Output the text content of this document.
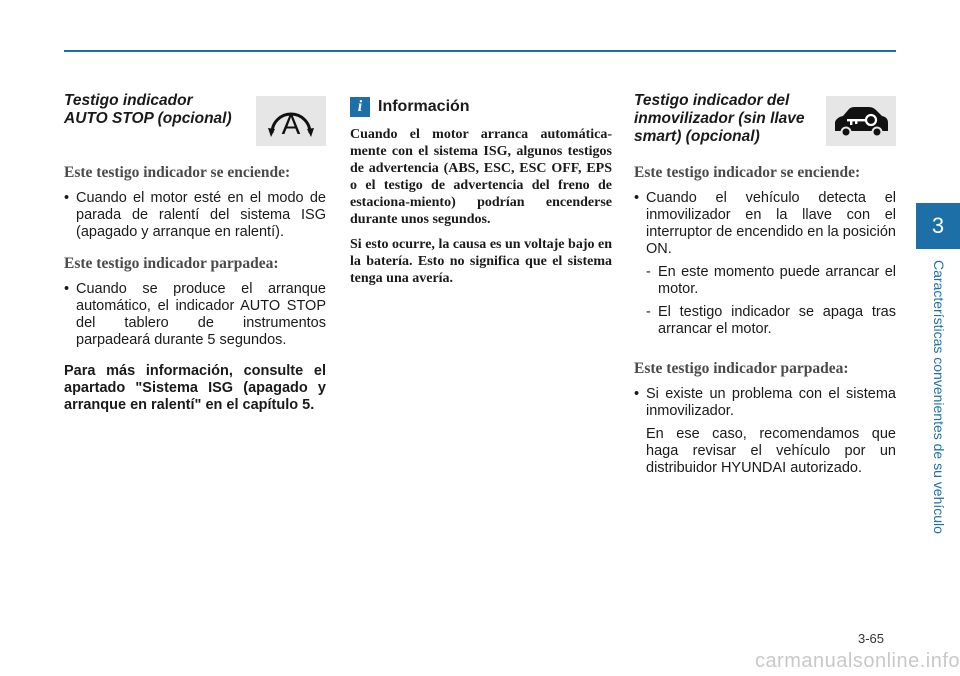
Testigo indicador
AUTO STOP (opcional)	A

Este testigo indicador se enciende:

• Cuando el motor esté en el modo de parada de ralentí del sistema ISG (apagado y arranque en ralentí).

Este testigo indicador parpadea:

• Cuando se produce el arranque automático, el indicador AUTO STOP del tablero de instrumentos parpadeará durante 5 segundos.

Para más información, consulte el apartado "Sistema ISG (apagado y arranque en ralentí" en el capítulo 5.

i Información

Cuando el motor arranca automática-mente con el sistema ISG, algunos testigos de advertencia (ABS, ESC, ESC OFF, EPS o el testigo de advertencia del freno de estaciona-miento) podrían encenderse durante unos segundos.

Si esto ocurre, la causa es un voltaje bajo en la batería. Esto no significa que el sistema tenga una avería.

Testigo indicador del
inmovilizador (sin llave
smart) (opcional)

Este testigo indicador se enciende:

• Cuando el vehículo detecta el inmovilizador en la llave con el interruptor de encendido en la posición ON.
- En este momento puede arrancar el motor.
- El testigo indicador se apaga tras arrancar el motor.

Este testigo indicador parpadea:

• Si existe un problema con el sistema inmovilizador.

En ese caso, recomendamos que haga revisar el vehículo por un distribuidor HYUNDAI autorizado.

3
Características convenientes de su vehículo
3-65
carmanualsonline.info
